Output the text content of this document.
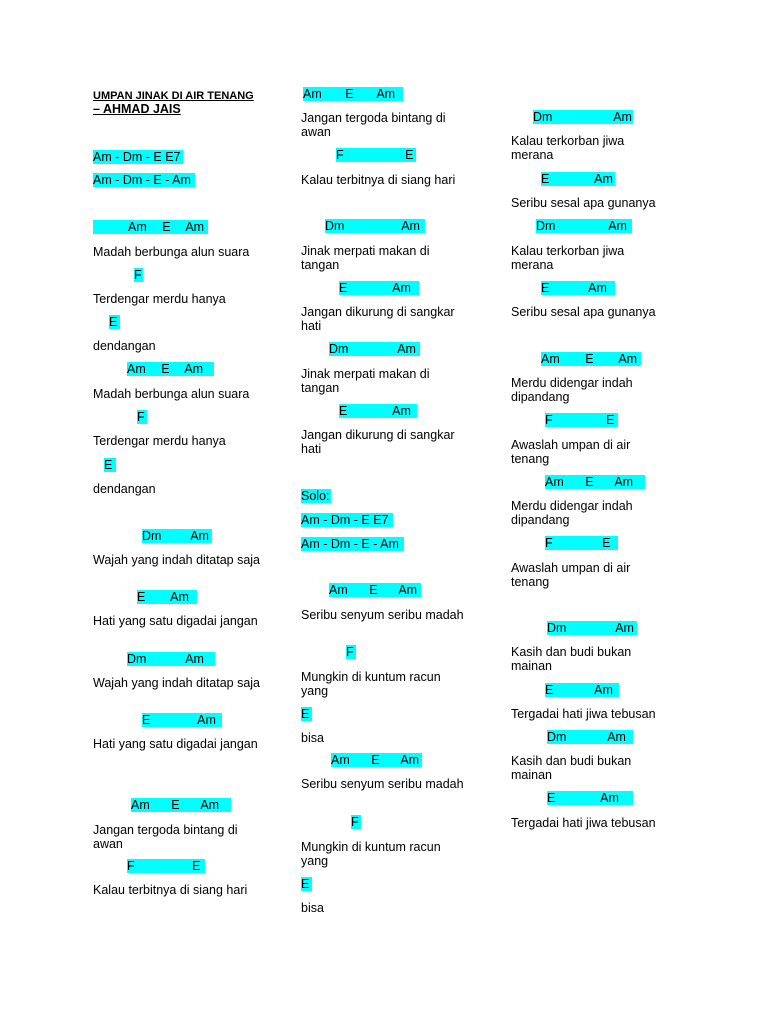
UMPAN JINAK DI AIR TENANG
– AHMAD JAIS
Am - Dm - E E7
Am - Dm - E - Am
Am E Am
Madah berbunga alun suara
F
Terdengar merdu hanya
E
dendangan
Am E Am
Madah berbunga alun suara
F
Terdengar merdu hanya
E
dendangan
Dm Am
Wajah yang indah ditatap saja
E Am
Hati yang satu digadai jangan
Dm Am
Wajah yang indah ditatap saja
E Am
Hati yang satu digadai jangan
Am E Am
Jangan tergoda bintang di awan
F E
Kalau terbitnya di siang hari
Am E Am
Jangan tergoda bintang di awan
F E
Kalau terbitnya di siang hari
Dm Am
Jinak merpati makan di tangan
E Am
Jangan dikurung di sangkar hati
Dm Am
Jinak merpati makan di tangan
E Am
Jangan dikurung di sangkar hati
Solo:
Am - Dm - E E7
Am - Dm - E - Am
Am E Am
Seribu senyum seribu madah
F
Mungkin di kuntum racun yang
E
bisa
Am E Am
Seribu senyum seribu madah
F
Mungkin di kuntum racun yang
E
bisa
Dm Am
Kalau terkorban jiwa merana
E Am
Seribu sesal apa gunanya
Dm Am
Kalau terkorban jiwa merana
E Am
Seribu sesal apa gunanya
Am E Am
Merdu didengar indah dipandang
F E
Awaslah umpan di air tenang
Am E Am
Merdu didengar indah dipandang
F E
Awaslah umpan di air tenang
Dm Am
Kasih dan budi bukan mainan
E Am
Tergadai hati jiwa tebusan
Dm Am
Kasih dan budi bukan mainan
E Am
Tergadai hati jiwa tebusan
